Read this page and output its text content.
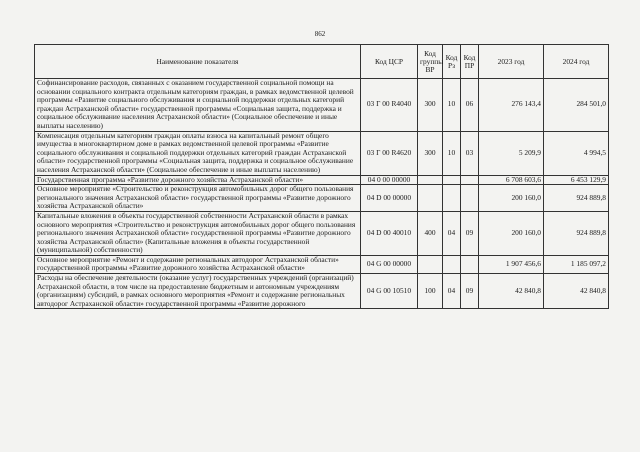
862
Наименование показателя	Код ЦСР	Код группы ВР	Код Рз	Код ПР	2023 год	2024 год
Софинансирование расходов, связанных с оказанием государственной социальной помощи на основании социального контракта отдельным категориям граждан, в рамках ведомственной целевой программы «Развитие социального обслуживания и социальной поддержки отдельных категорий граждан Астраханской области» государственной программы «Социальная защита, поддержка и социальное обслуживание населения Астраханской области» (Социальное обеспечение и иные выплаты населению)	03 Г 00 R4040	300	10	06	276 143,4	284 501,0
Компенсация отдельным категориям граждан оплаты взноса на капитальный ремонт общего имущества в многоквартирном доме в рамках ведомственной целевой программы «Развитие социального обслуживания и социальной поддержки отдельных категорий граждан Астраханской области» государственной программы «Социальная защита, поддержка и социальное обслуживание населения Астраханской области» (Социальное обеспечение и иные выплаты населению)	03 Г 00 R4620	300	10	03	5 209,9	4 994,5
Государственная программа «Развитие дорожного хозяйства Астраханской области»	04 0 00 00000				6 708 603,6	6 453 129,9
Основное мероприятие «Строительство и реконструкция автомобильных дорог общего пользования регионального значения Астраханской области» государственной программы «Развитие дорожного хозяйства Астраханской области»	04 D 00 00000				200 160,0	924 889,8
Капитальные вложения в объекты государственной собственности Астраханской области в рамках основного мероприятия «Строительство и реконструкция автомобильных дорог общего пользования регионального значения Астраханской области» государственной программы «Развитие дорожного хозяйства Астраханской области» (Капитальные вложения в объекты государственной (муниципальной) собственности)	04 D 00 40010	400	04	09	200 160,0	924 889,8
Основное мероприятие «Ремонт и содержание региональных автодорог Астраханской области» государственной программы «Развитие дорожного хозяйства Астраханской области»	04 G 00 00000				1 907 456,6	1 185 097,2
Расходы на обеспечение деятельности (оказание услуг) государственных учреждений (организаций) Астраханской области, в том числе на предоставление бюджетным и автономным учреждениям (организациям) субсидий, в рамках основного мероприятия «Ремонт и содержание региональных автодорог Астраханской области» государственной программы «Развитие дорожного	04 G 00 10510	100	04	09	42 840,8	42 840,8
